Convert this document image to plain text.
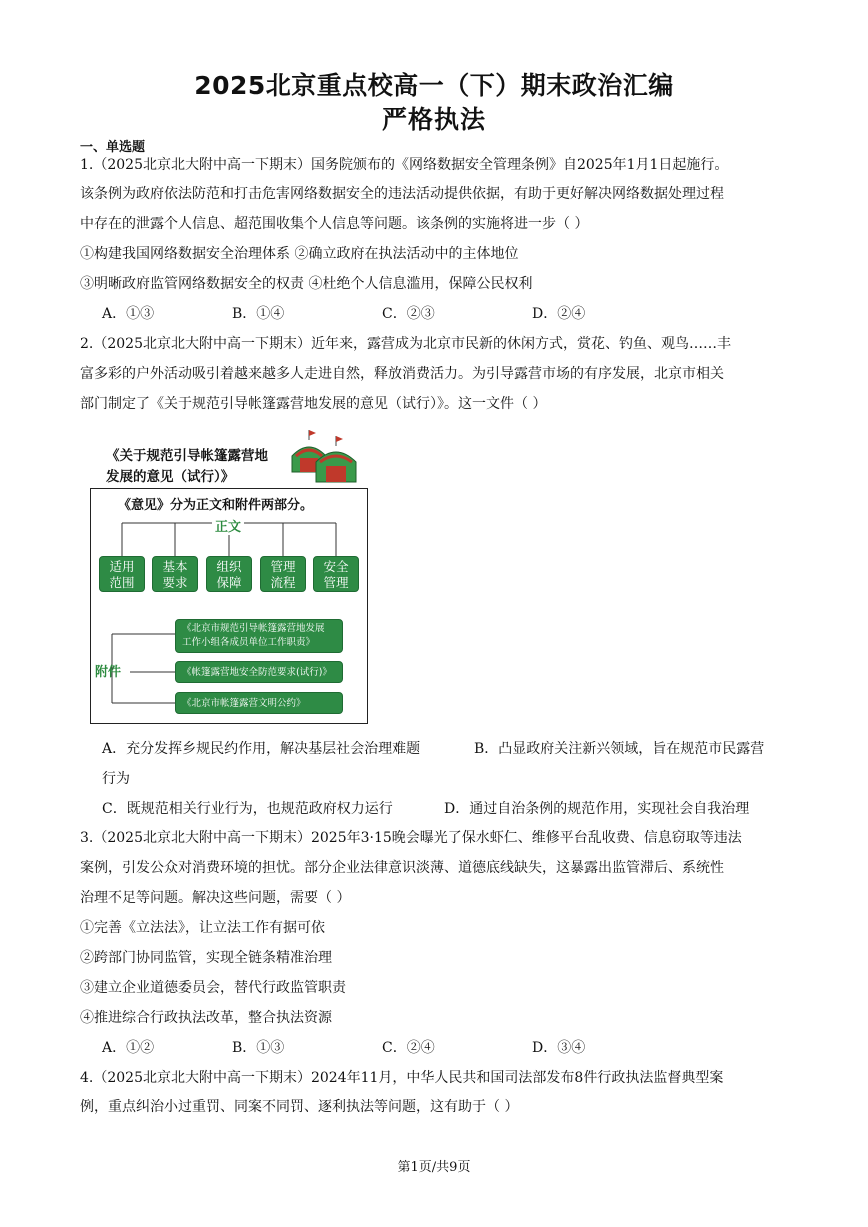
2025北京重点校高一（下）期末政治汇编
严格执法
一、单选题
1.（2025北京北大附中高一下期末）国务院颁布的《网络数据安全管理条例》自2025年1月1日起施行。
该条例为政府依法防范和打击危害网络数据安全的违法活动提供依据，有助于更好解决网络数据处理过程
中存在的泄露个人信息、超范围收集个人信息等问题。该条例的实施将进一步（ ）
①构建我国网络数据安全治理体系 ②确立政府在执法活动中的主体地位
③明晰政府监管网络数据安全的权责 ④杜绝个人信息滥用，保障公民权利
A．①③	B．①④	C．②③	D．②④
2.（2025北京北大附中高一下期末）近年来，露营成为北京市民新的休闲方式，赏花、钓鱼、观鸟……丰
富多彩的户外活动吸引着越来越多人走进自然，释放消费活力。为引导露营市场的有序发展，北京市相关
部门制定了《关于规范引导帐篷露营地发展的意见（试行）》。这一文件（ ）
《关于规范引导帐篷露营地
发展的意见（试行）》
《意见》分为正文和附件两部分。
正文
适用
范围
基本
要求
组织
保障
管理
流程
安全
管理
附件
《北京市规范引导帐篷露营地发展
工作小组各成员单位工作职责》
《帐篷露营地安全防范要求(试行)》
《北京市帐篷露营文明公约》
A．充分发挥乡规民约作用，解决基层社会治理难题	B．凸显政府关注新兴领域，旨在规范市民露营
行为
C．既规范相关行业行为，也规范政府权力运行	D．通过自治条例的规范作用，实现社会自我治理
3.（2025北京北大附中高一下期末）2025年3·15晚会曝光了保水虾仁、维修平台乱收费、信息窃取等违法
案例，引发公众对消费环境的担忧。部分企业法律意识淡薄、道德底线缺失，这暴露出监管滞后、系统性
治理不足等问题。解决这些问题，需要（ ）
①完善《立法法》，让立法工作有据可依
②跨部门协同监管，实现全链条精准治理
③建立企业道德委员会，替代行政监管职责
④推进综合行政执法改革，整合执法资源
A．①②	B．①③	C．②④	D．③④
4.（2025北京北大附中高一下期末）2024年11月，中华人民共和国司法部发布8件行政执法监督典型案
例，重点纠治小过重罚、同案不同罚、逐利执法等问题，这有助于（ ）
第1页/共9页
